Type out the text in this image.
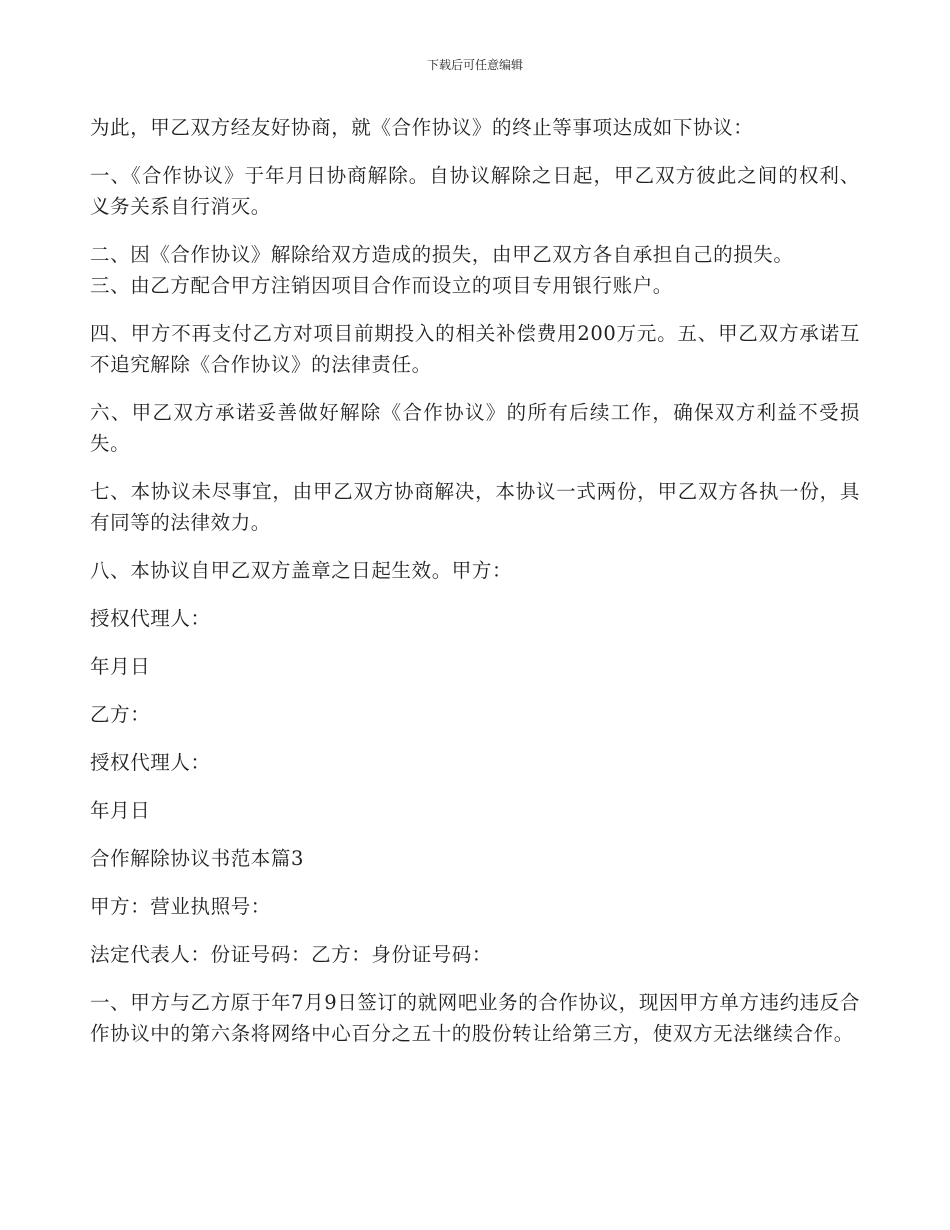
下载后可任意编辑

为此，甲乙双方经友好协商，就《合作协议》的终止等事项达成如下协议：

一、《合作协议》于年月日协商解除。自协议解除之日起，甲乙双方彼此之间的权利、义务关系自行消灭。

二、因《合作协议》解除给双方造成的损失，由甲乙双方各自承担自己的损失。

三、由乙方配合甲方注销因项目合作而设立的项目专用银行账户。

四、甲方不再支付乙方对项目前期投入的相关补偿费用200万元。五、甲乙双方承诺互不追究解除《合作协议》的法律责任。

六、甲乙双方承诺妥善做好解除《合作协议》的所有后续工作，确保双方利益不受损失。

七、本协议未尽事宜，由甲乙双方协商解决，本协议一式两份，甲乙双方各执一份，具有同等的法律效力。

八、本协议自甲乙双方盖章之日起生效。甲方：

授权代理人：

年月日

乙方：

授权代理人：

年月日

合作解除协议书范本篇3

甲方：营业执照号：

法定代表人：份证号码：乙方：身份证号码：

一、甲方与乙方原于年7月9日签订的就网吧业务的合作协议，现因甲方单方违约违反合作协议中的第六条将网络中心百分之五十的股份转让给第三方，使双方无法继续合作。
